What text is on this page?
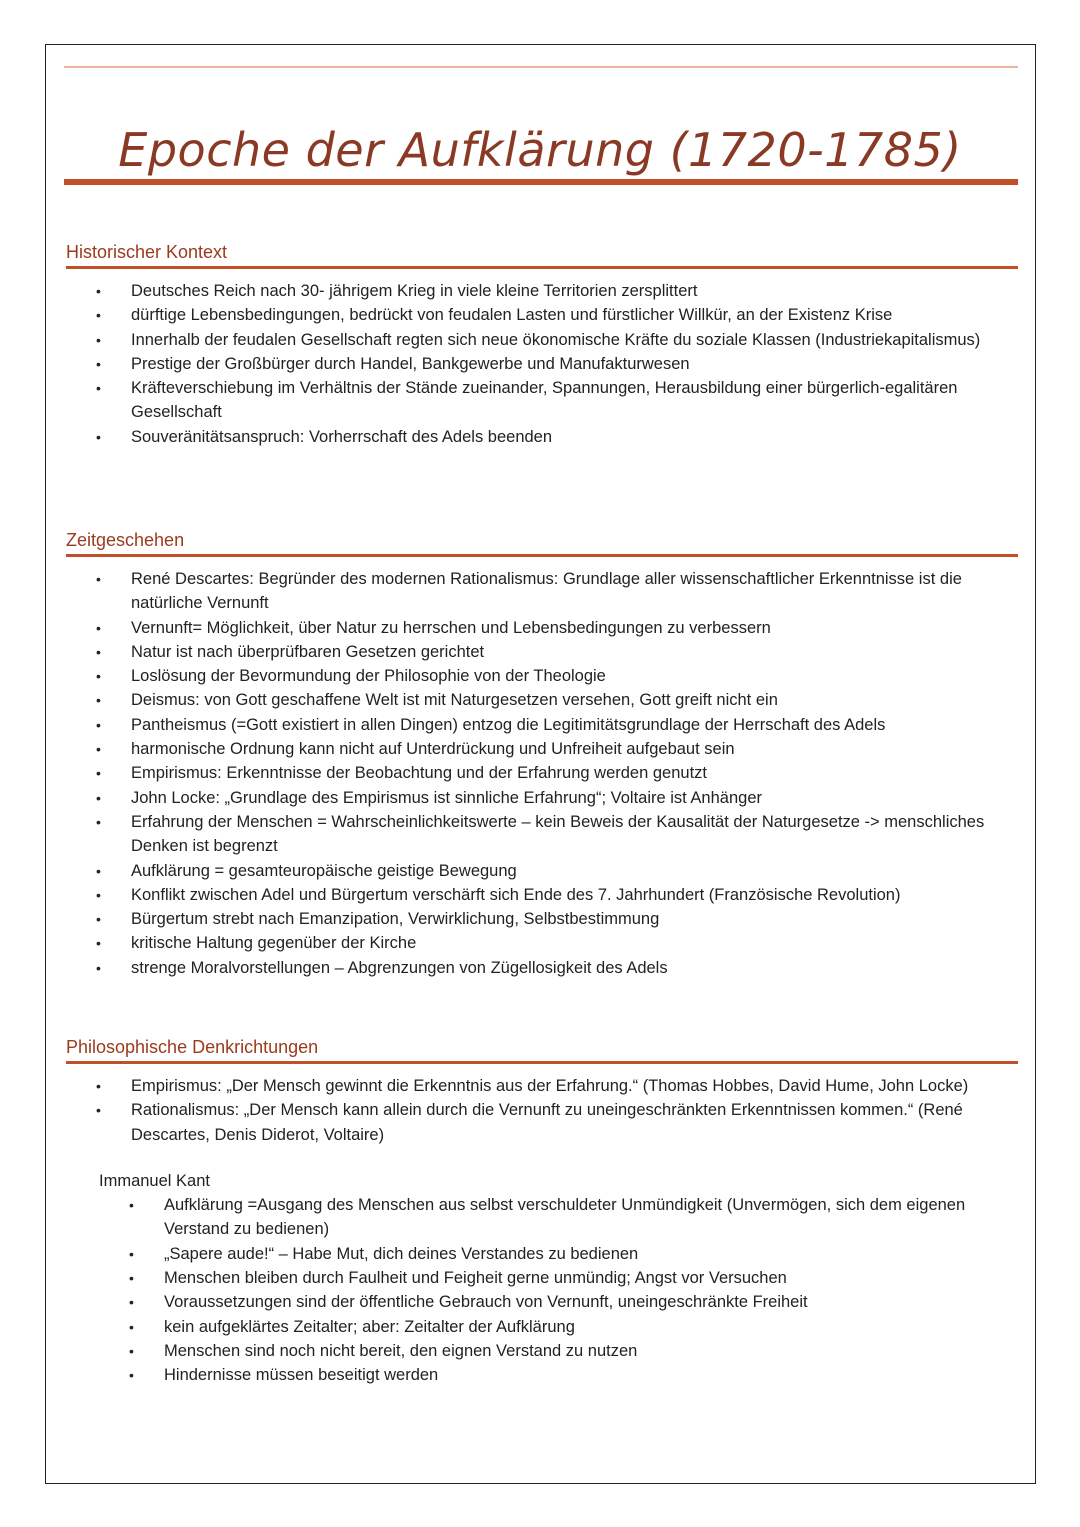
Epoche der Aufklärung (1720-1785)
Historischer Kontext
• Deutsches Reich nach 30- jährigem Krieg in viele kleine Territorien zersplittert
• dürftige Lebensbedingungen, bedrückt von feudalen Lasten und fürstlicher Willkür, an der Existenz Krise
• Innerhalb der feudalen Gesellschaft regten sich neue ökonomische Kräfte du soziale Klassen (Industriekapitalismus)
• Prestige der Großbürger durch Handel, Bankgewerbe und Manufakturwesen
• Kräfteverschiebung im Verhältnis der Stände zueinander, Spannungen, Herausbildung einer bürgerlich-egalitären Gesellschaft
• Souveränitätsanspruch: Vorherrschaft des Adels beenden
Zeitgeschehen
• René Descartes: Begründer des modernen Rationalismus: Grundlage aller wissenschaftlicher Erkenntnisse ist die natürliche Vernunft
• Vernunft= Möglichkeit, über Natur zu herrschen und Lebensbedingungen zu verbessern
• Natur ist nach überprüfbaren Gesetzen gerichtet
• Loslösung der Bevormundung der Philosophie von der Theologie
• Deismus: von Gott geschaffene Welt ist mit Naturgesetzen versehen, Gott greift nicht ein
• Pantheismus (=Gott existiert in allen Dingen) entzog die Legitimitätsgrundlage der Herrschaft des Adels
• harmonische Ordnung kann nicht auf Unterdrückung und Unfreiheit aufgebaut sein
• Empirismus: Erkenntnisse der Beobachtung und der Erfahrung werden genutzt
• John Locke: „Grundlage des Empirismus ist sinnliche Erfahrung“; Voltaire ist Anhänger
• Erfahrung der Menschen = Wahrscheinlichkeitswerte – kein Beweis der Kausalität der Naturgesetze -> menschliches Denken ist begrenzt
• Aufklärung = gesamteuropäische geistige Bewegung
• Konflikt zwischen Adel und Bürgertum verschärft sich Ende des 7. Jahrhundert (Französische Revolution)
• Bürgertum strebt nach Emanzipation, Verwirklichung, Selbstbestimmung
• kritische Haltung gegenüber der Kirche
• strenge Moralvorstellungen – Abgrenzungen von Zügellosigkeit des Adels
Philosophische Denkrichtungen
• Empirismus: „Der Mensch gewinnt die Erkenntnis aus der Erfahrung.“ (Thomas Hobbes, David Hume, John Locke)
• Rationalismus: „Der Mensch kann allein durch die Vernunft zu uneingeschränkten Erkenntnissen kommen.“ (René Descartes, Denis Diderot, Voltaire)
Immanuel Kant
• Aufklärung =Ausgang des Menschen aus selbst verschuldeter Unmündigkeit (Unvermögen, sich dem eigenen Verstand zu bedienen)
• „Sapere aude!“ – Habe Mut, dich deines Verstandes zu bedienen
• Menschen bleiben durch Faulheit und Feigheit gerne unmündig; Angst vor Versuchen
• Voraussetzungen sind der öffentliche Gebrauch von Vernunft, uneingeschränkte Freiheit
• kein aufgeklärtes Zeitalter; aber: Zeitalter der Aufklärung
• Menschen sind noch nicht bereit, den eignen Verstand zu nutzen
• Hindernisse müssen beseitigt werden
